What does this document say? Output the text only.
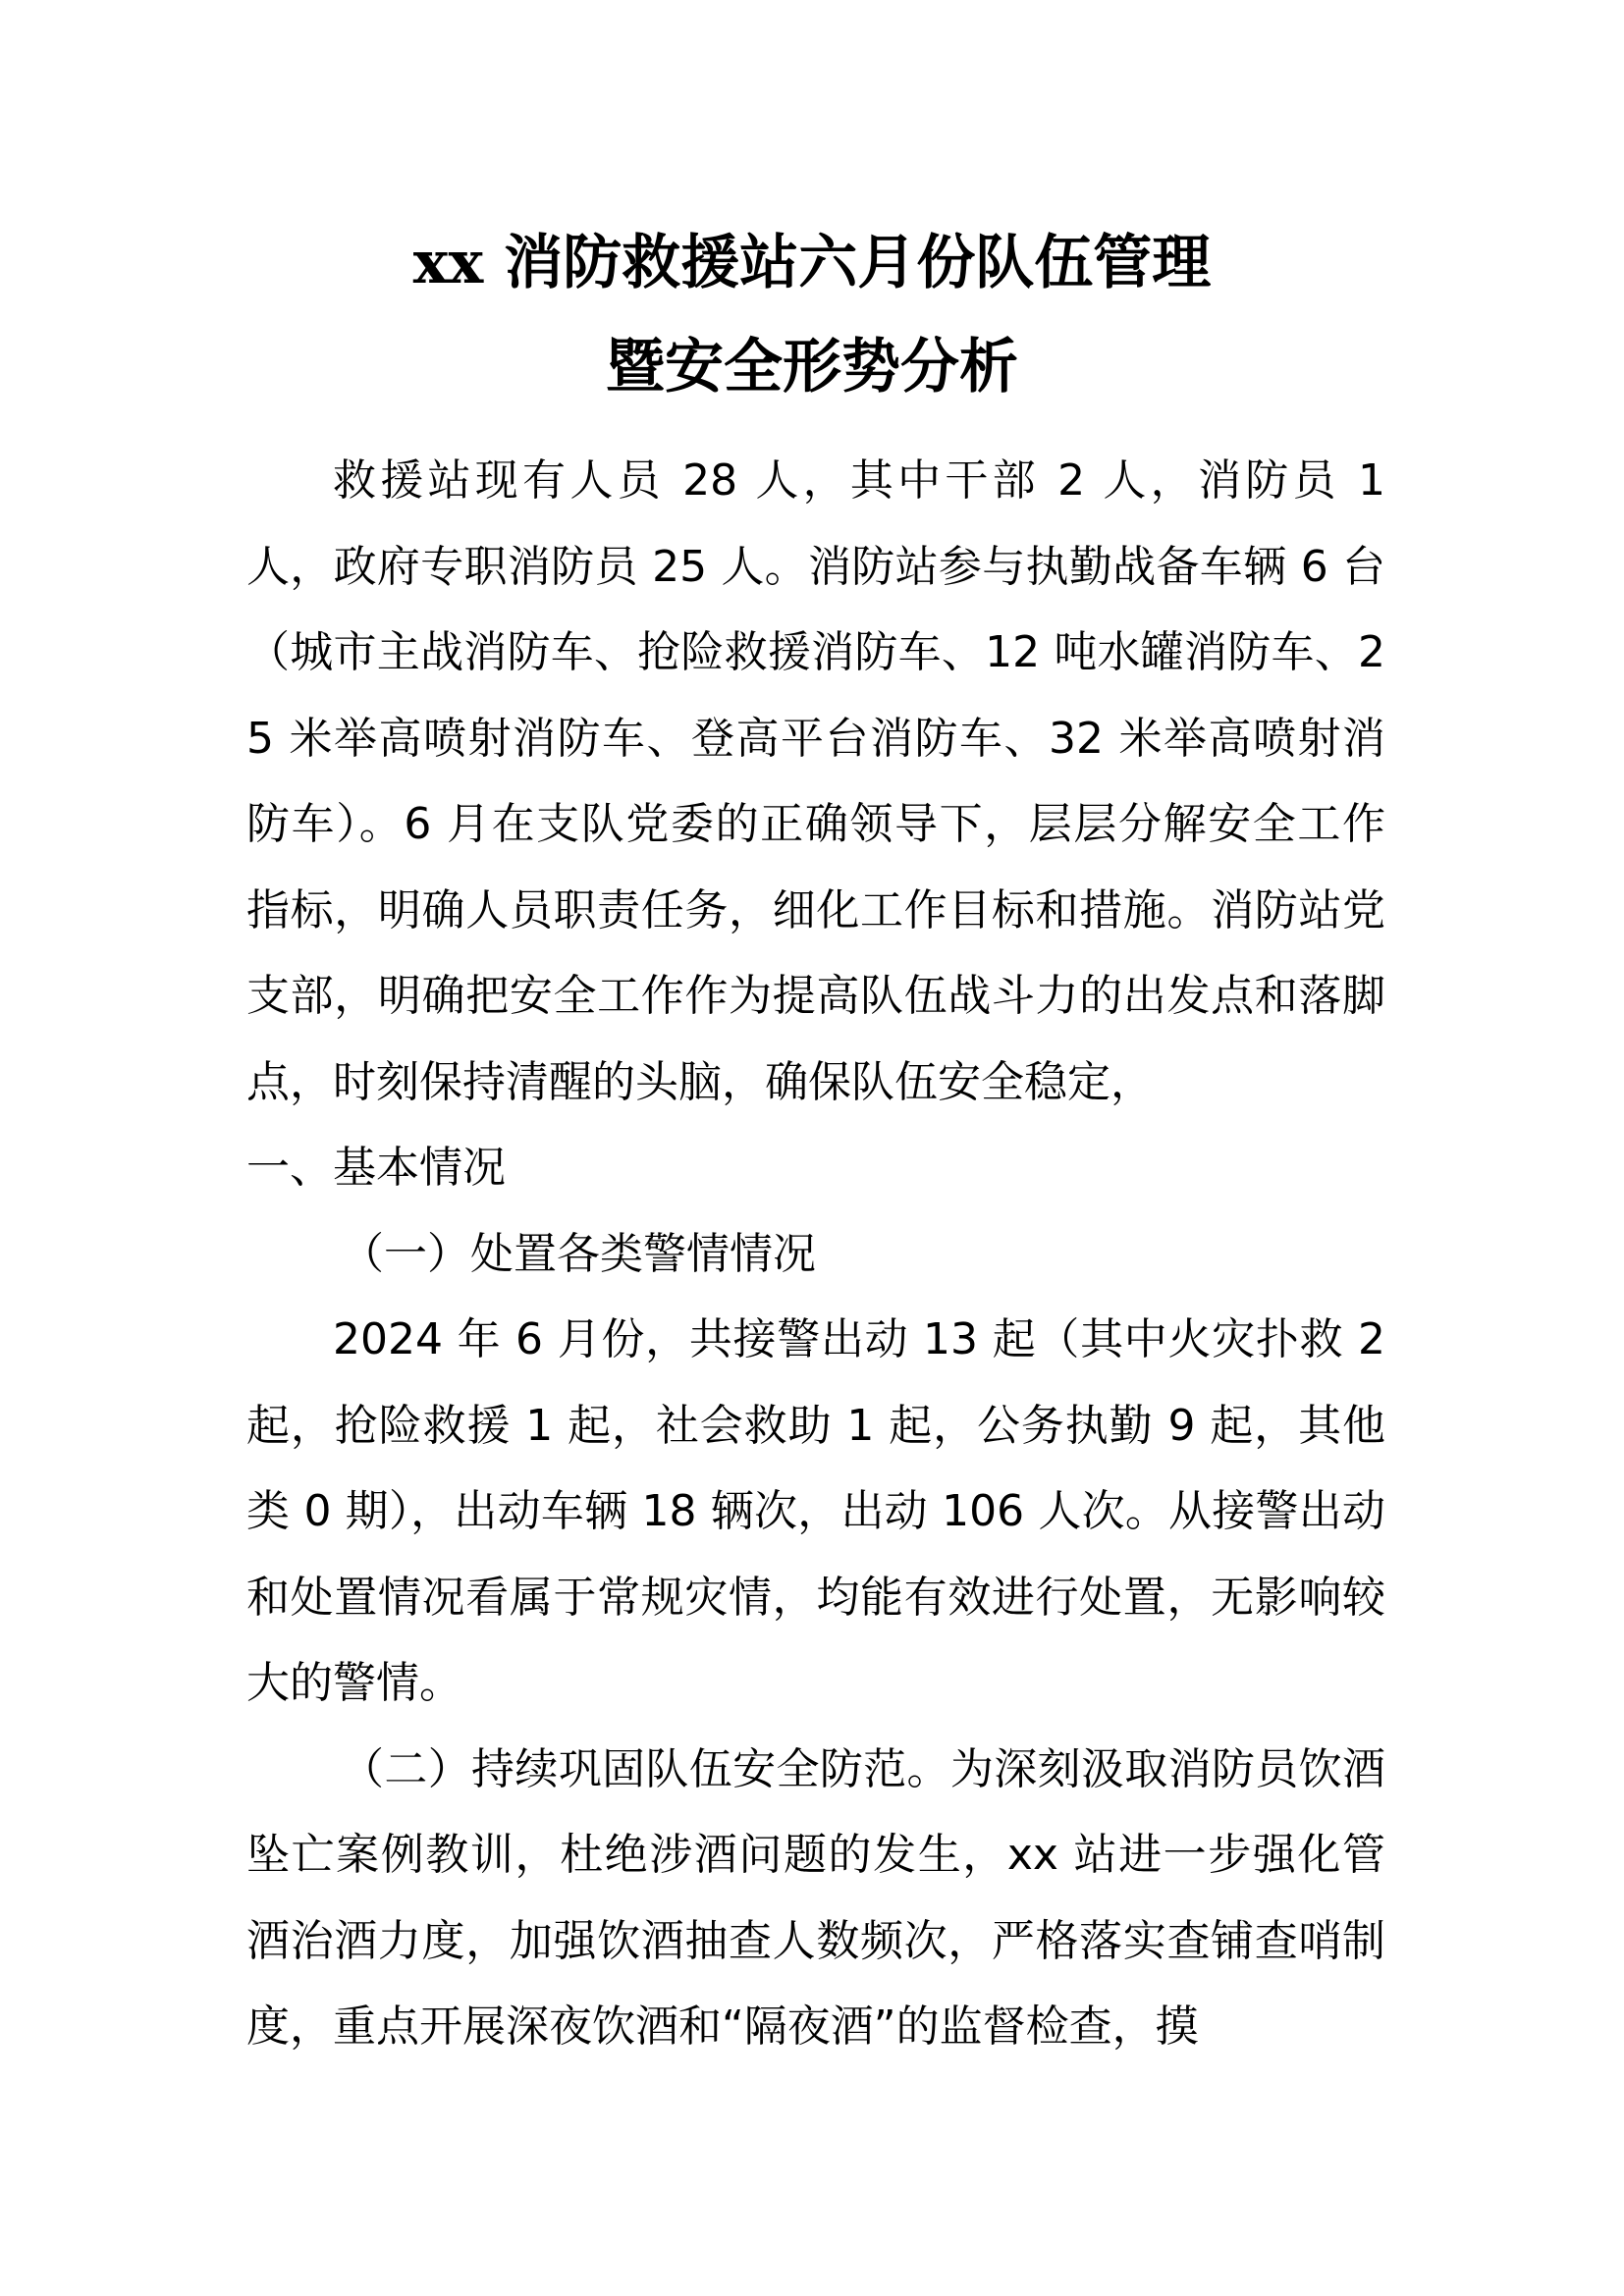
xx 消防救援站六月份队伍管理
暨安全形势分析

救援站现有人员 28 人，其中干部 2 人，消防员 1 人，政府专职消防员 25 人。消防站参与执勤战备车辆 6 台（城市主战消防车、抢险救援消防车、12 吨水罐消防车、25 米举高喷射消防车、登高平台消防车、32 米举高喷射消防车）。6 月在支队党委的正确领导下，层层分解安全工作指标，明确人员职责任务，细化工作目标和措施。消防站党支部，明确把安全工作作为提高队伍战斗力的出发点和落脚点，时刻保持清醒的头脑，确保队伍安全稳定，

一、基本情况

（一）处置各类警情情况

2024 年 6 月份，共接警出动 13 起（其中火灾扑救 2 起，抢险救援 1 起，社会救助 1 起，公务执勤 9 起，其他类 0 期），出动车辆 18 辆次，出动 106 人次。从接警出动和处置情况看属于常规灾情，均能有效进行处置，无影响较大的警情。

（二）持续巩固队伍安全防范。为深刻汲取消防员饮酒坠亡案例教训，杜绝涉酒问题的发生，xx 站进一步强化管酒治酒力度，加强饮酒抽查人数频次，严格落实查铺查哨制度，重点开展深夜饮酒和“隔夜酒”的监督检查，摸
